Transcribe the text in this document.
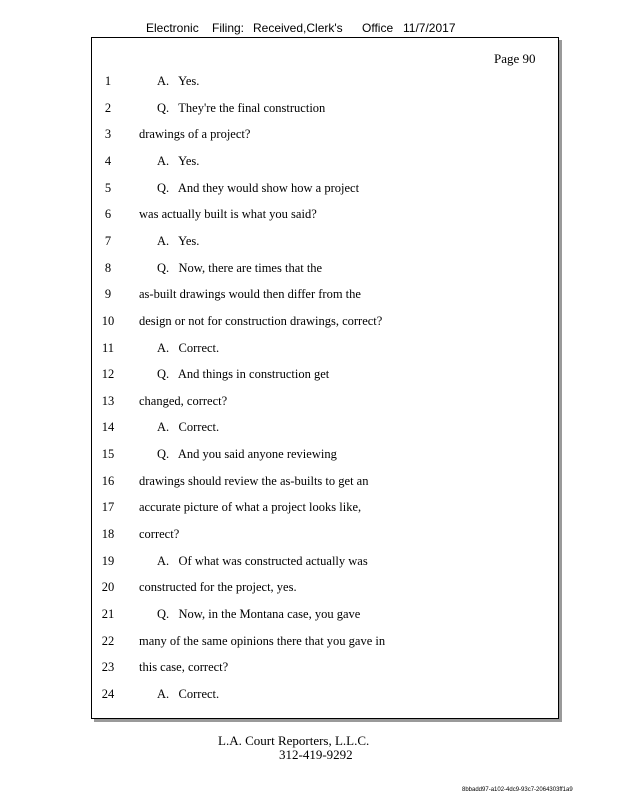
Electronic Filing: Received,Clerk's Office 11/7/2017
Page 90
1	A.   Yes.
2	Q.   They're the final construction
3	drawings of a project?
4	A.   Yes.
5	Q.   And they would show how a project
6	was actually built is what you said?
7	A.   Yes.
8	Q.   Now, there are times that the
9	as-built drawings would then differ from the
10 design or not for construction drawings, correct?
11	A.   Correct.
12	Q.   And things in construction get
13 changed, correct?
14	A.   Correct.
15	Q.   And you said anyone reviewing
16 drawings should review the as-builts to get an
17 accurate picture of what a project looks like,
18 correct?
19	A.   Of what was constructed actually was
20 constructed for the project, yes.
21	Q.   Now, in the Montana case, you gave
22 many of the same opinions there that you gave in
23 this case, correct?
24	A.   Correct.
L.A. Court Reporters, L.L.C.
312-419-9292
8bbadd97-a102-4dc9-93c7-2064303ff1a9
